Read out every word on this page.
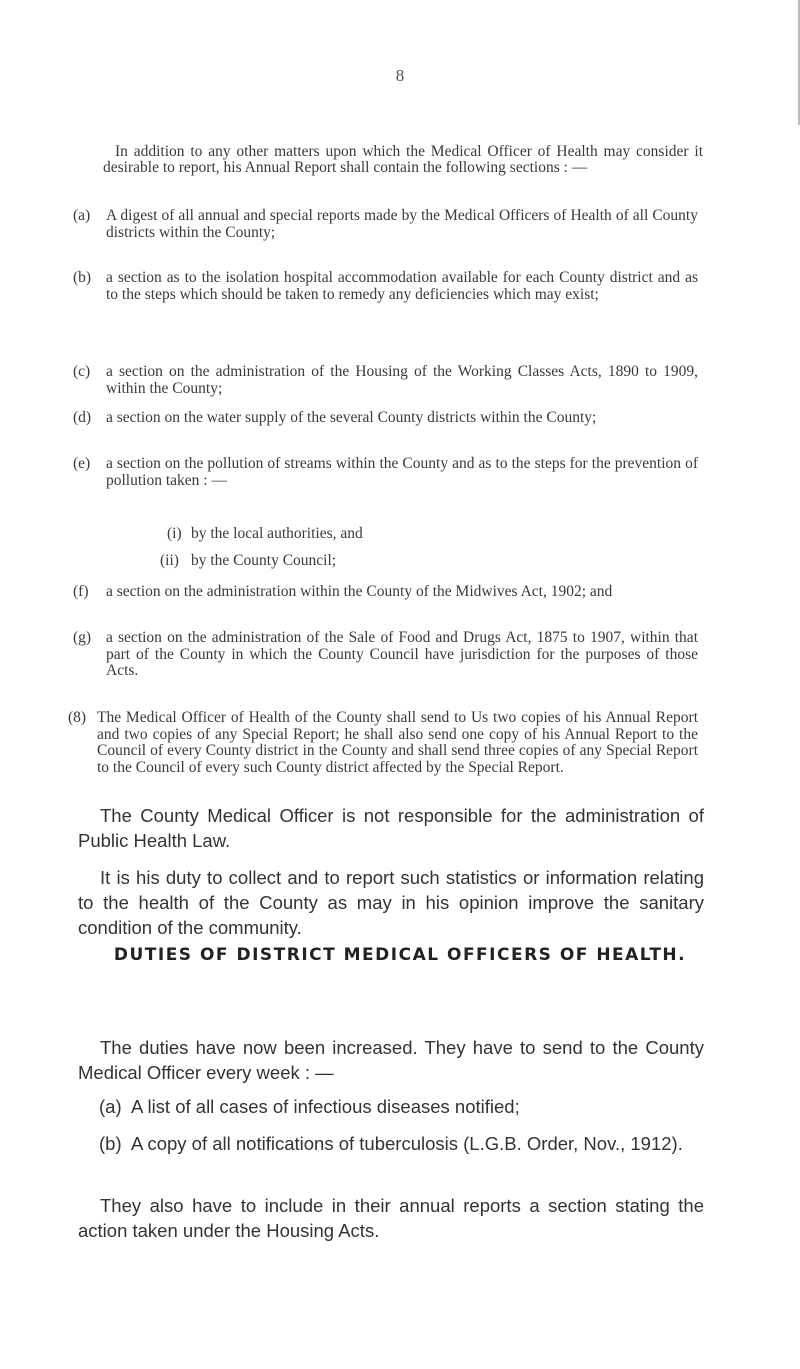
8
In addition to any other matters upon which the Medical Officer of Health may consider it desirable to report, his Annual Report shall contain the following sections : —
(a) A digest of all annual and special reports made by the Medical Officers of Health of all County districts within the County;
(b) a section as to the isolation hospital accommodation available for each County district and as to the steps which should be taken to remedy any deficiencies which may exist;
(c) a section on the administration of the Housing of the Working Classes Acts, 1890 to 1909, within the County;
(d) a section on the water supply of the several County districts within the County;
(e) a section on the pollution of streams within the County and as to the steps for the prevention of pollution taken : —
(i) by the local authorities, and
(ii) by the County Council;
(f) a section on the administration within the County of the Midwives Act, 1902; and
(g) a section on the administration of the Sale of Food and Drugs Act, 1875 to 1907, within that part of the County in which the County Council have jurisdiction for the purposes of those Acts.
(8) The Medical Officer of Health of the County shall send to Us two copies of his Annual Report and two copies of any Special Report; he shall also send one copy of his Annual Report to the Council of every County district in the County and shall send three copies of any Special Report to the Council of every such County district affected by the Special Report.
The County Medical Officer is not responsible for the administration of Public Health Law.
It is his duty to collect and to report such statistics or information relating to the health of the County as may in his opinion improve the sanitary condition of the community.
DUTIES OF DISTRICT MEDICAL OFFICERS OF HEALTH.
The duties have now been increased. They have to send to the County Medical Officer every week : —
(a) A list of all cases of infectious diseases notified;
(b) A copy of all notifications of tuberculosis (L.G.B. Order, Nov., 1912).
They also have to include in their annual reports a section stating the action taken under the Housing Acts.
